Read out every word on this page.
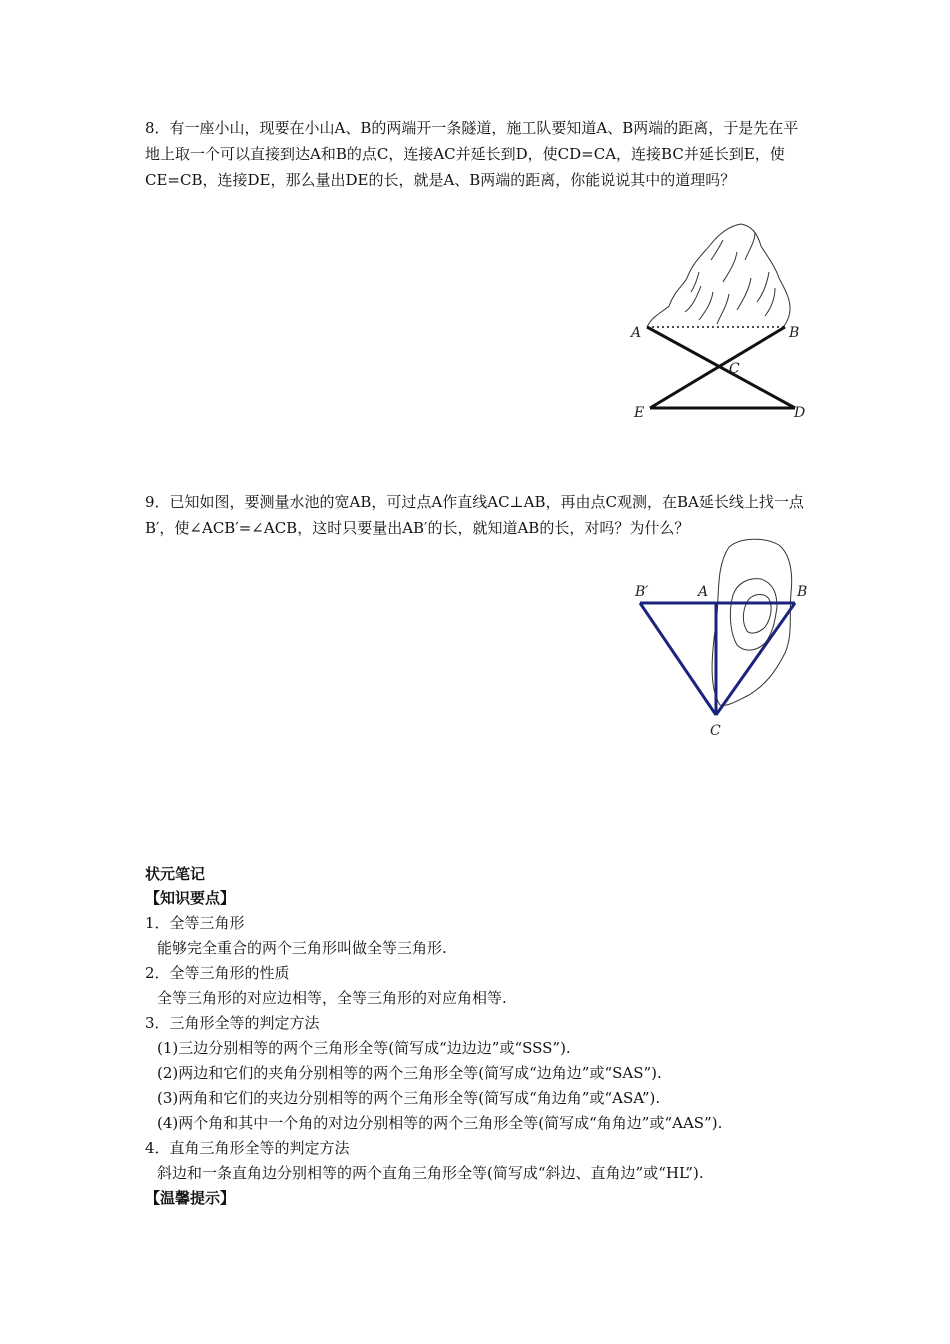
8．有一座小山，现要在小山A、B的两端开一条隧道，施工队要知道A、B两端的距离，于是先在平地上取一个可以直接到达A和B的点C，连接AC并延长到D，使CD=CA，连接BC并延长到E，使CE=CB，连接DE，那么量出DE的长，就是A、B两端的距离，你能说说其中的道理吗？

A	B
C
E	D

9．已知如图，要测量水池的宽AB，可过点A作直线AC⊥AB，再由点C观测，在BA延长线上找一点B′，使∠ACB′=∠ACB，这时只要量出AB′的长，就知道AB的长，对吗？为什么？

B′	A	B
C
状元笔记
【知识要点】
1．全等三角形
能够完全重合的两个三角形叫做全等三角形.
2．全等三角形的性质
全等三角形的对应边相等，全等三角形的对应角相等.
3．三角形全等的判定方法
(1)三边分别相等的两个三角形全等(简写成“边边边”或“SSS”).
(2)两边和它们的夹角分别相等的两个三角形全等(简写成“边角边”或“SAS”).
(3)两角和它们的夹边分别相等的两个三角形全等(简写成“角边角”或“ASA”).
(4)两个角和其中一个角的对边分别相等的两个三角形全等(简写成“角角边”或“AAS”).
4．直角三角形全等的判定方法
斜边和一条直角边分别相等的两个直角三角形全等(简写成“斜边、直角边”或“HL”).
【温馨提示】
